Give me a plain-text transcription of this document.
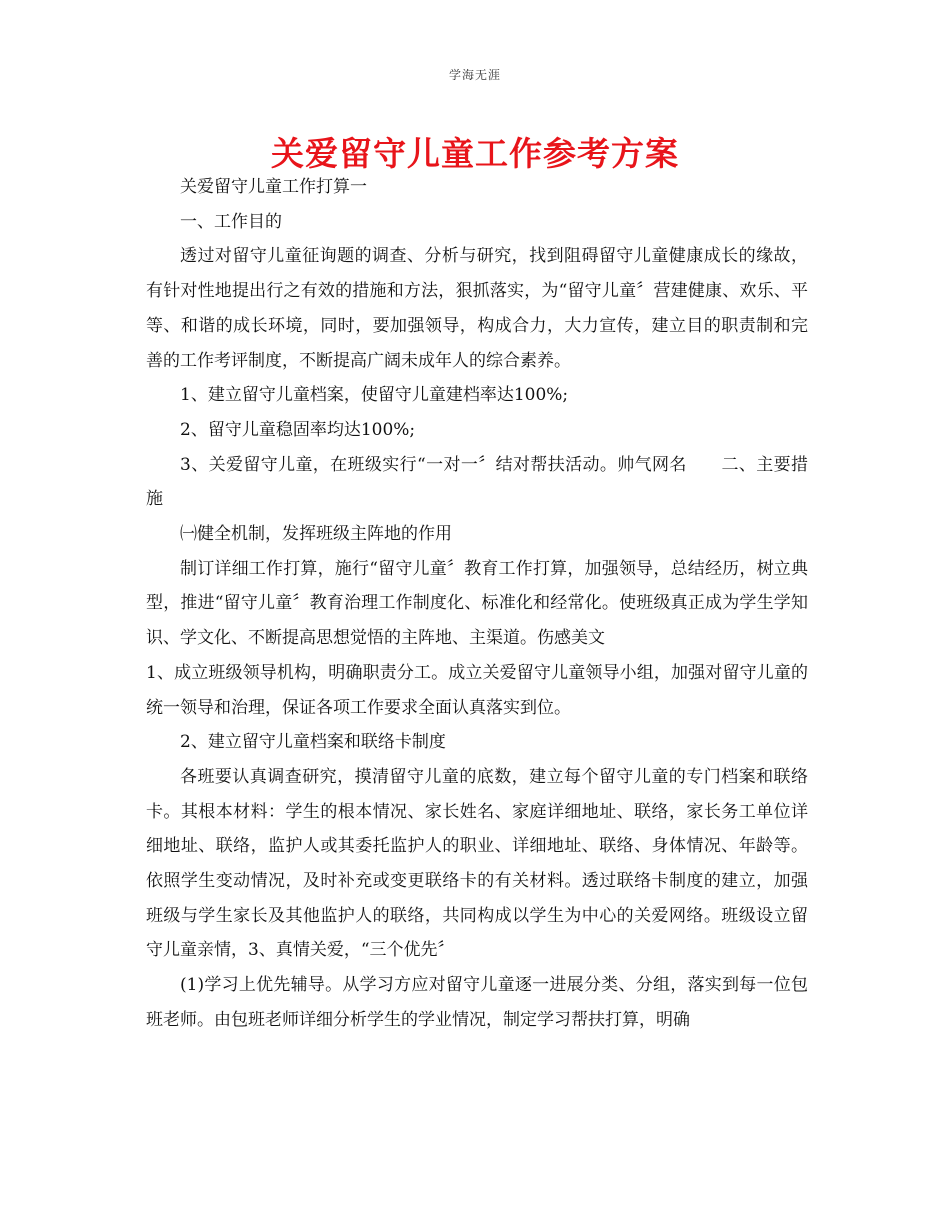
学海无涯
关爱留守儿童工作参考方案

关爱留守儿童工作打算一

一、工作目的

透过对留守儿童征询题的调查、分析与研究，找到阻碍留守儿童健康成长的缘故，有针对性地提出行之有效的措施和方法，狠抓落实，为“留守儿童〞营建健康、欢乐、平等、和谐的成长环境，同时，要加强领导，构成合力，大力宣传，建立目的职责制和完善的工作考评制度，不断提高广阔未成年人的综合素养。

1、建立留守儿童档案，使留守儿童建档率达100%;

2、留守儿童稳固率均达100%;

3、关爱留守儿童，在班级实行“一对一〞结对帮扶活动。帅气网名　　二、主要措施

㈠健全机制，发挥班级主阵地的作用

制订详细工作打算，施行“留守儿童〞教育工作打算，加强领导，总结经历，树立典型，推进“留守儿童〞教育治理工作制度化、标准化和经常化。使班级真正成为学生学知识、学文化、不断提高思想觉悟的主阵地、主渠道。伤感美文

1、成立班级领导机构，明确职责分工。成立关爱留守儿童领导小组，加强对留守儿童的统一领导和治理，保证各项工作要求全面认真落实到位。

2、建立留守儿童档案和联络卡制度

各班要认真调查研究，摸清留守儿童的底数，建立每个留守儿童的专门档案和联络卡。其根本材料：学生的根本情况、家长姓名、家庭详细地址、联络，家长务工单位详细地址、联络，监护人或其委托监护人的职业、详细地址、联络、身体情况、年龄等。依照学生变动情况，及时补充或变更联络卡的有关材料。透过联络卡制度的建立，加强班级与学生家长及其他监护人的联络，共同构成以学生为中心的关爱网络。班级设立留守儿童亲情，3、真情关爱，“三个优先〞

(1)学习上优先辅导。从学习方应对留守儿童逐一进展分类、分组，落实到每一位包班老师。由包班老师详细分析学生的学业情况，制定学习帮扶打算，明确
